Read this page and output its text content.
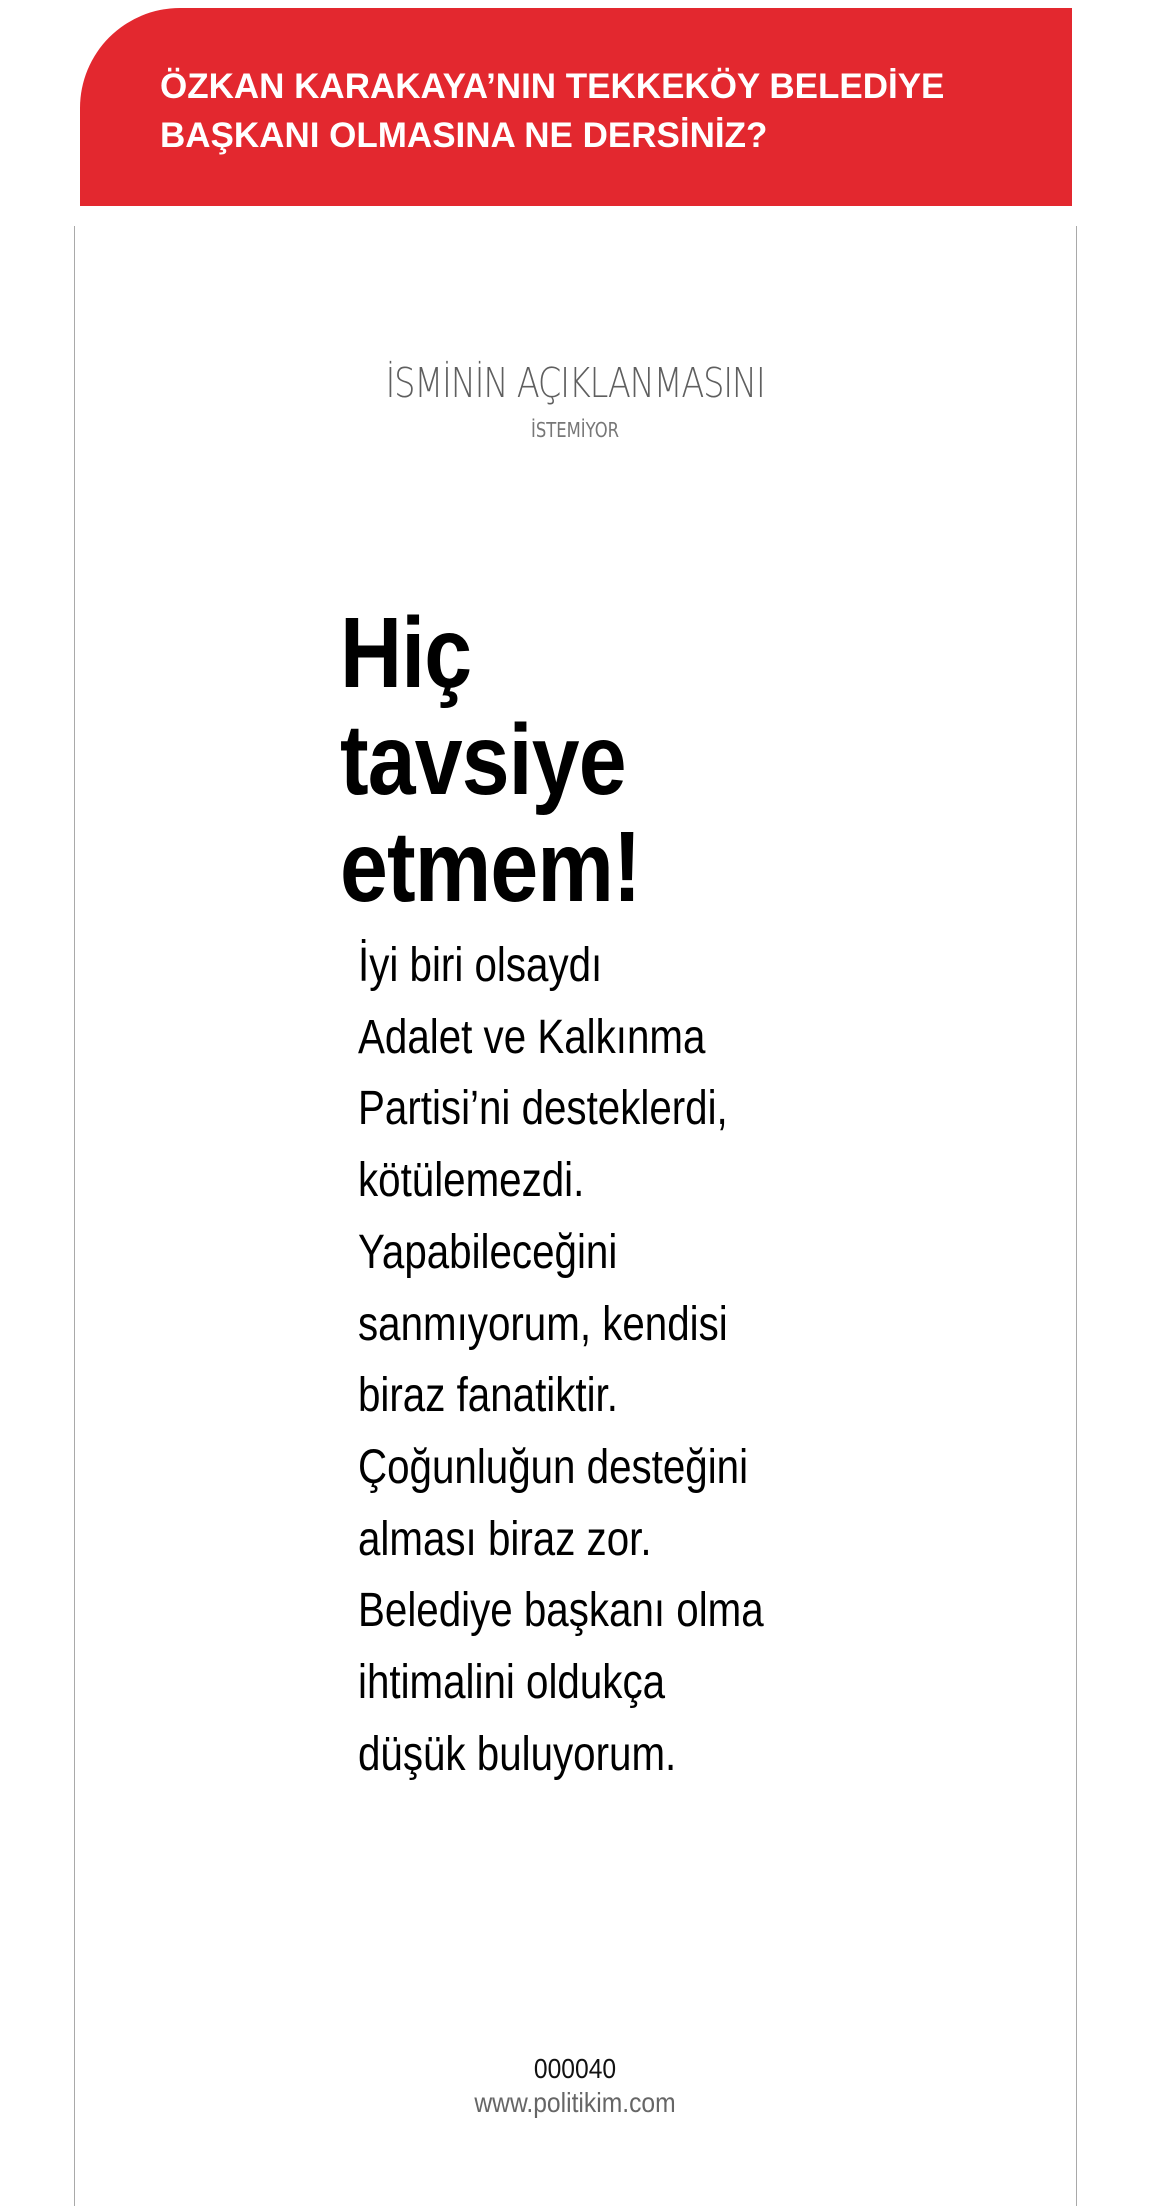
ÖZKAN KARAKAYA’NIN TEKKEKÖY BELEDİYE
BAŞKANI OLMASINA NE DERSİNİZ?
İSMİNİN AÇIKLANMASINI
İSTEMİYOR
Hiç
tavsiye
etmem!
İyi biri olsaydı
Adalet ve Kalkınma
Partisi’ni desteklerdi,
kötülemezdi.
Yapabileceğini
sanmıyorum, kendisi
biraz fanatiktir.
Çoğunluğun desteğini
alması biraz zor.
Belediye başkanı olma
ihtimalini oldukça
düşük buluyorum.
000040
www.politikim.com
